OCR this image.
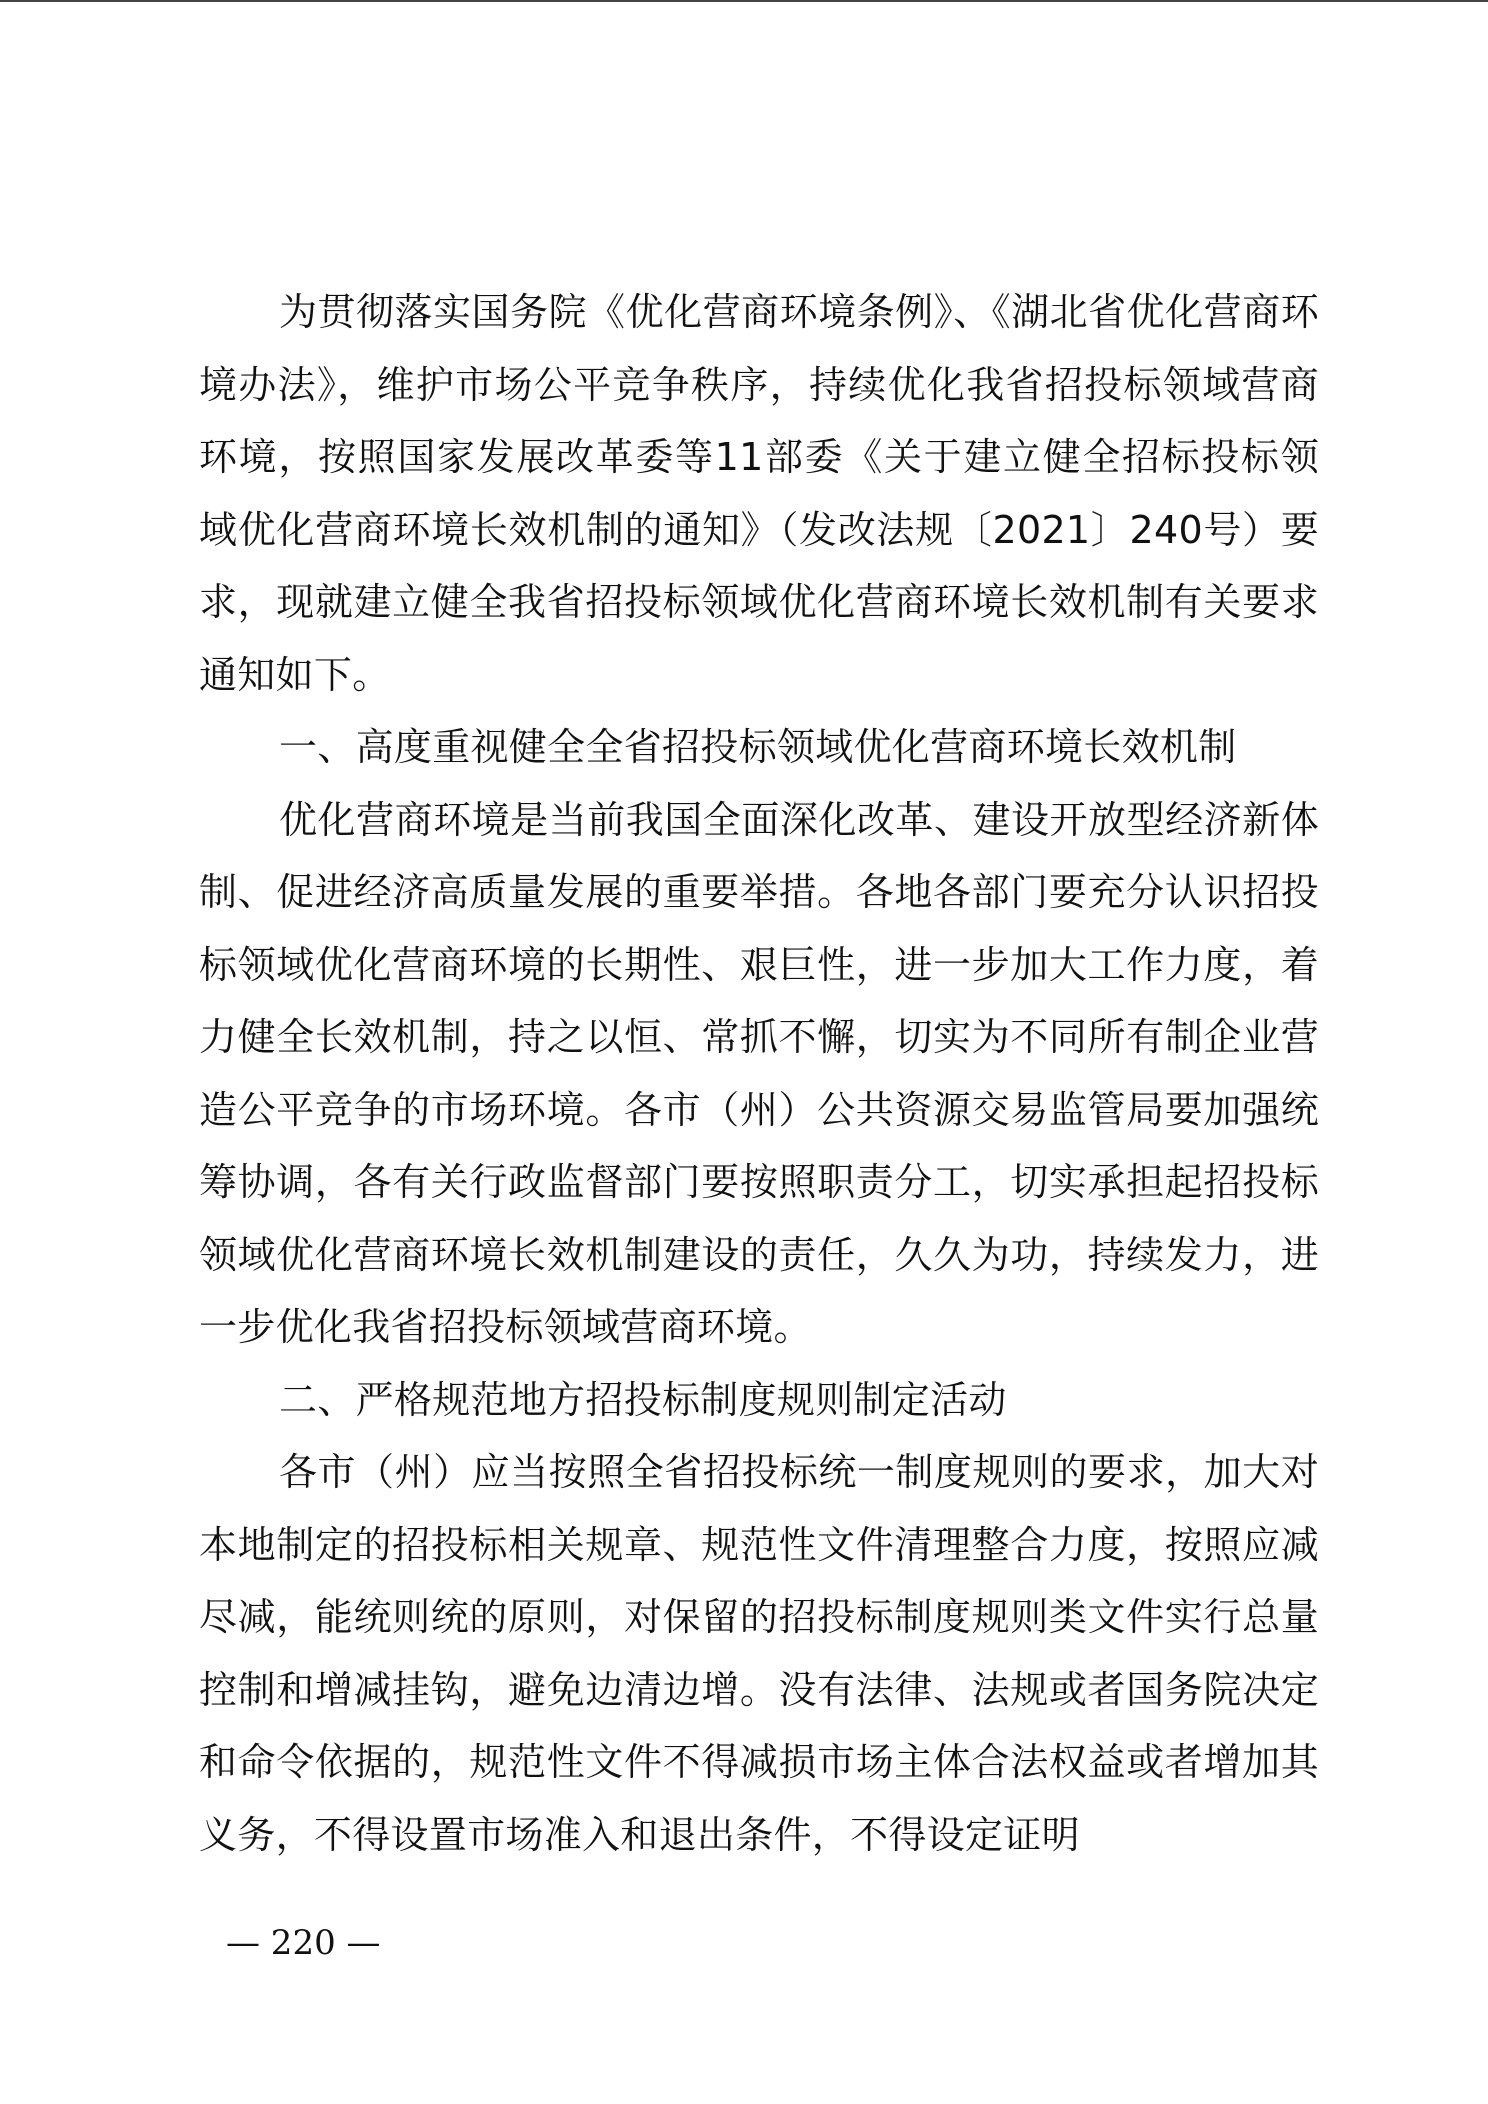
为贯彻落实国务院《优化营商环境条例》、《湖北省优化营商环境办法》，维护市场公平竞争秩序，持续优化我省招投标领域营商环境，按照国家发展改革委等11部委《关于建立健全招标投标领域优化营商环境长效机制的通知》（发改法规〔2021〕240号）要求，现就建立健全我省招投标领域优化营商环境长效机制有关要求通知如下。

一、高度重视健全全省招投标领域优化营商环境长效机制

优化营商环境是当前我国全面深化改革、建设开放型经济新体制、促进经济高质量发展的重要举措。各地各部门要充分认识招投标领域优化营商环境的长期性、艰巨性，进一步加大工作力度，着力健全长效机制，持之以恒、常抓不懈，切实为不同所有制企业营造公平竞争的市场环境。各市（州）公共资源交易监管局要加强统筹协调，各有关行政监督部门要按照职责分工，切实承担起招投标领域优化营商环境长效机制建设的责任，久久为功，持续发力，进一步优化我省招投标领域营商环境。

二、严格规范地方招投标制度规则制定活动

各市（州）应当按照全省招投标统一制度规则的要求，加大对本地制定的招投标相关规章、规范性文件清理整合力度，按照应减尽减，能统则统的原则，对保留的招投标制度规则类文件实行总量控制和增减挂钩，避免边清边增。没有法律、法规或者国务院决定和命令依据的，规范性文件不得减损市场主体合法权益或者增加其义务，不得设置市场准入和退出条件，不得设定证明

— 220 —
